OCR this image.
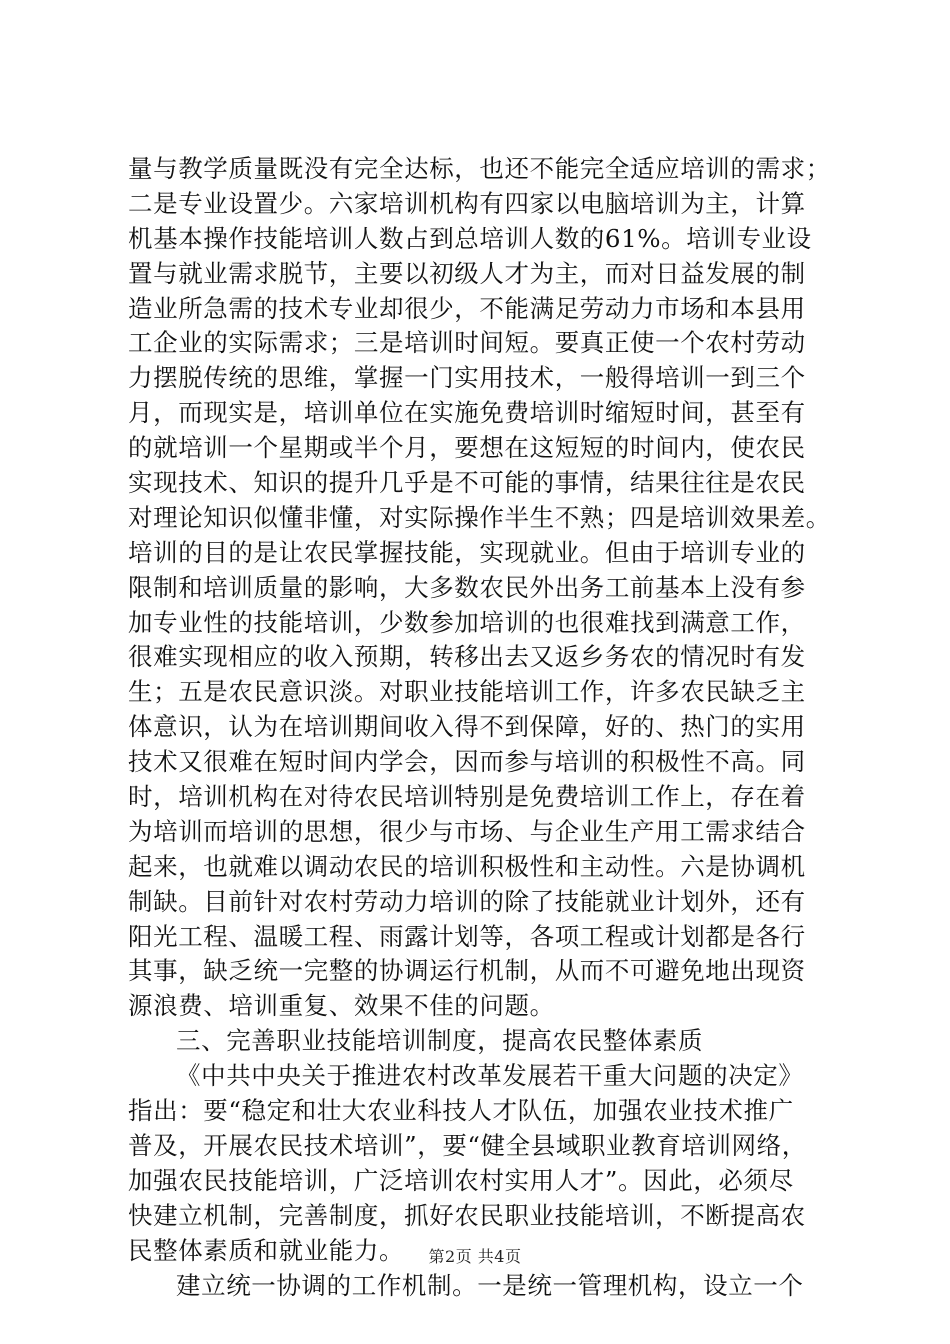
量与教学质量既没有完全达标，也还不能完全适应培训的需求；
二是专业设置少。六家培训机构有四家以电脑培训为主，计算
机基本操作技能培训人数占到总培训人数的61%。培训专业设
置与就业需求脱节，主要以初级人才为主，而对日益发展的制
造业所急需的技术专业却很少，不能满足劳动力市场和本县用
工企业的实际需求；三是培训时间短。要真正使一个农村劳动
力摆脱传统的思维，掌握一门实用技术，一般得培训一到三个
月，而现实是，培训单位在实施免费培训时缩短时间，甚至有
的就培训一个星期或半个月，要想在这短短的时间内，使农民
实现技术、知识的提升几乎是不可能的事情，结果往往是农民
对理论知识似懂非懂，对实际操作半生不熟；四是培训效果差。
培训的目的是让农民掌握技能，实现就业。但由于培训专业的
限制和培训质量的影响，大多数农民外出务工前基本上没有参
加专业性的技能培训，少数参加培训的也很难找到满意工作，
很难实现相应的收入预期，转移出去又返乡务农的情况时有发
生；五是农民意识淡。对职业技能培训工作，许多农民缺乏主
体意识，认为在培训期间收入得不到保障，好的、热门的实用
技术又很难在短时间内学会，因而参与培训的积极性不高。同
时，培训机构在对待农民培训特别是免费培训工作上，存在着
为培训而培训的思想，很少与市场、与企业生产用工需求结合
起来，也就难以调动农民的培训积极性和主动性。六是协调机
制缺。目前针对农村劳动力培训的除了技能就业计划外，还有
阳光工程、温暖工程、雨露计划等，各项工程或计划都是各行
其事，缺乏统一完整的协调运行机制，从而不可避免地出现资
源浪费、培训重复、效果不佳的问题。
三、完善职业技能培训制度，提高农民整体素质
《中共中央关于推进农村改革发展若干重大问题的决定》
指出：要“稳定和壮大农业科技人才队伍，加强农业技术推广
普及，开展农民技术培训”，要“健全县域职业教育培训网络，
加强农民技能培训，广泛培训农村实用人才”。因此，必须尽
快建立机制，完善制度，抓好农民职业技能培训，不断提高农
民整体素质和就业能力。
建立统一协调的工作机制。一是统一管理机构，设立一个
第2页 共4页
